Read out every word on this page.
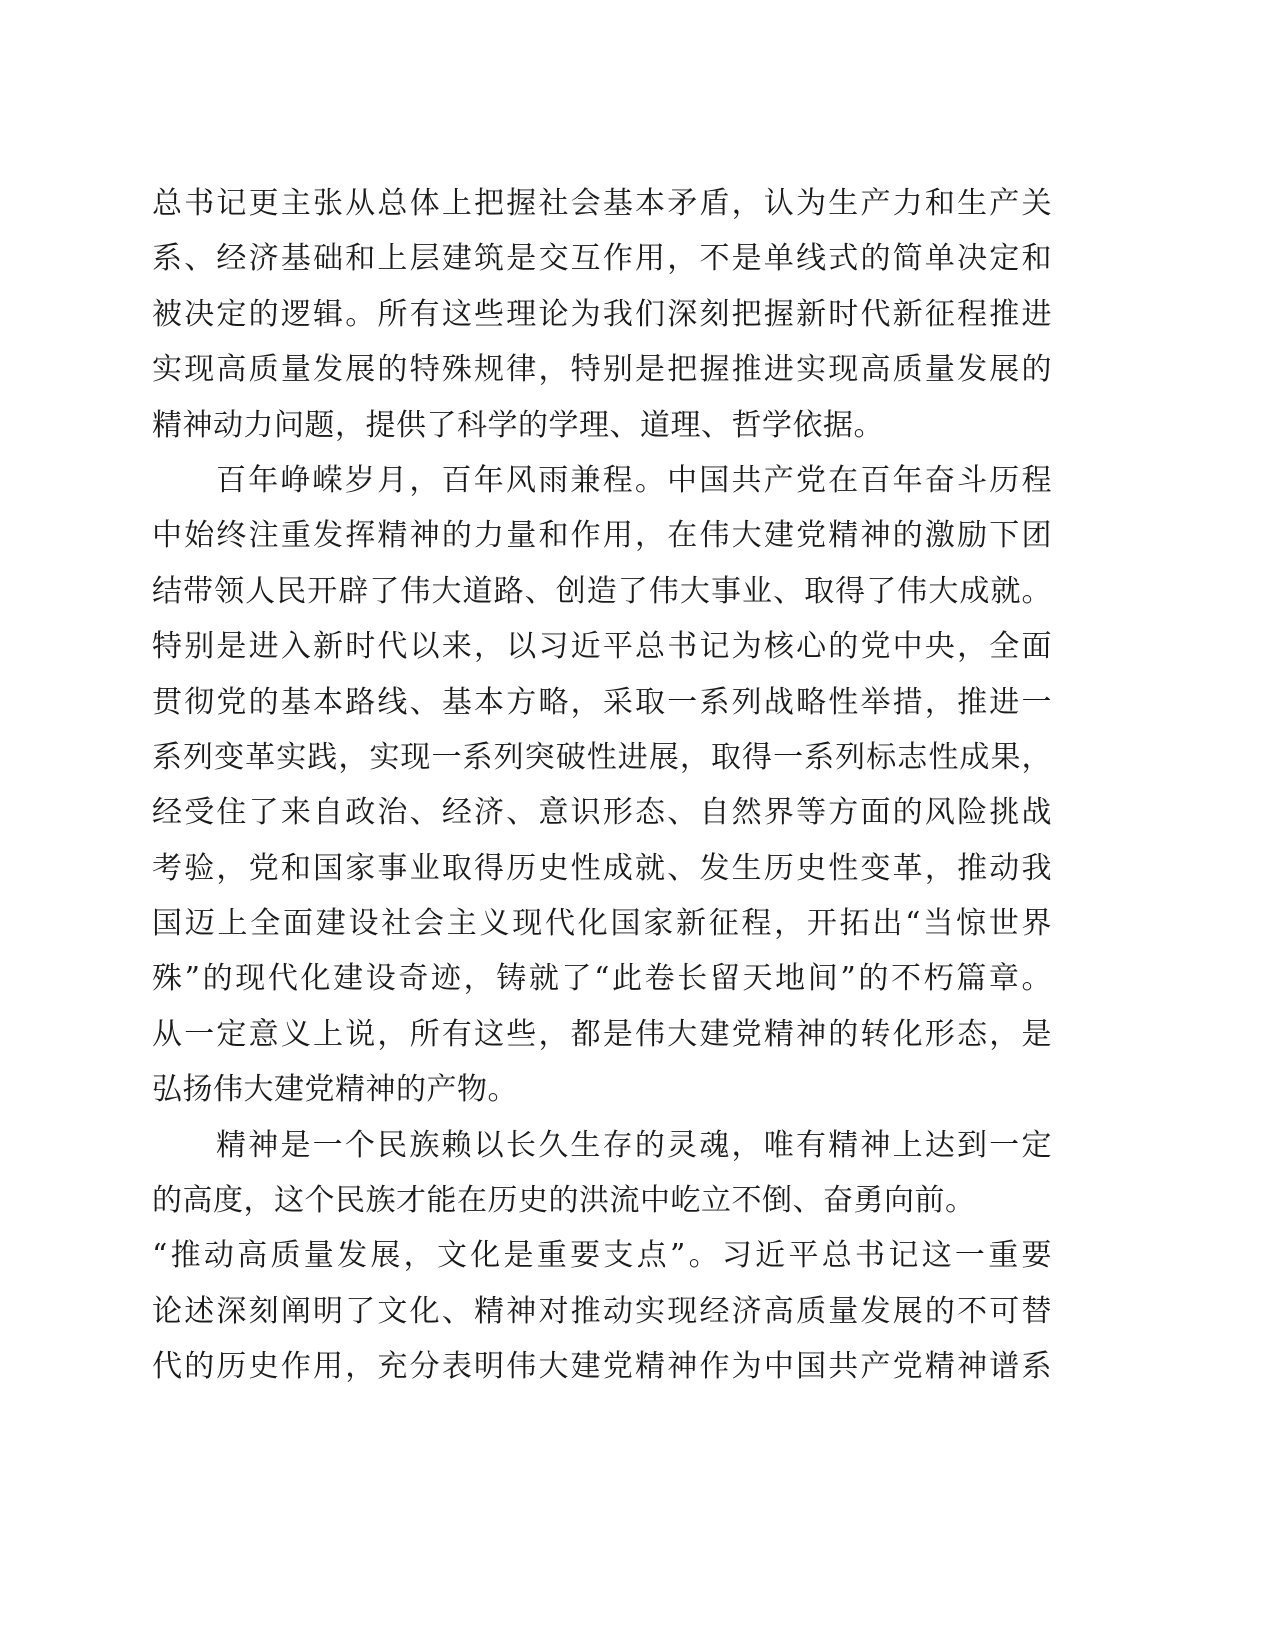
总书记更主张从总体上把握社会基本矛盾，认为生产力和生产关
系、经济基础和上层建筑是交互作用，不是单线式的简单决定和
被决定的逻辑。所有这些理论为我们深刻把握新时代新征程推进
实现高质量发展的特殊规律，特别是把握推进实现高质量发展的
精神动力问题，提供了科学的学理、道理、哲学依据。
百年峥嵘岁月，百年风雨兼程。中国共产党在百年奋斗历程
中始终注重发挥精神的力量和作用，在伟大建党精神的激励下团
结带领人民开辟了伟大道路、创造了伟大事业、取得了伟大成就。
特别是进入新时代以来，以习近平总书记为核心的党中央，全面
贯彻党的基本路线、基本方略，采取一系列战略性举措，推进一
系列变革实践，实现一系列突破性进展，取得一系列标志性成果，
经受住了来自政治、经济、意识形态、自然界等方面的风险挑战
考验，党和国家事业取得历史性成就、发生历史性变革，推动我
国迈上全面建设社会主义现代化国家新征程，开拓出“当惊世界
殊”的现代化建设奇迹，铸就了“此卷长留天地间”的不朽篇章。
从一定意义上说，所有这些，都是伟大建党精神的转化形态，是
弘扬伟大建党精神的产物。
精神是一个民族赖以长久生存的灵魂，唯有精神上达到一定
的高度，这个民族才能在历史的洪流中屹立不倒、奋勇向前。
“推动高质量发展，文化是重要支点”。习近平总书记这一重要
论述深刻阐明了文化、精神对推动实现经济高质量发展的不可替
代的历史作用，充分表明伟大建党精神作为中国共产党精神谱系
